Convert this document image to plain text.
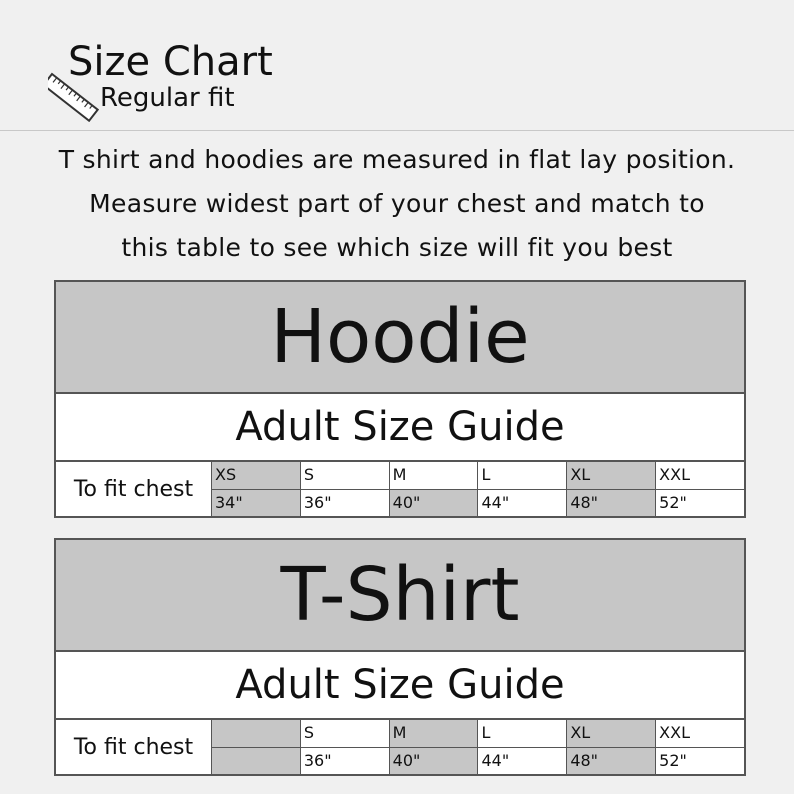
Size Chart
Regular fit
T shirt and hoodies are measured in flat lay position.
Measure widest part of your chest and match to
this table to see which size will fit you best
Hoodie
Adult Size Guide
To fit chest
XS
34"
S
36"
M
40"
L
44"
XL
48"
XXL
52"
T-Shirt
Adult Size Guide
To fit chest
S
36"
M
40"
L
44"
XL
48"
XXL
52"
